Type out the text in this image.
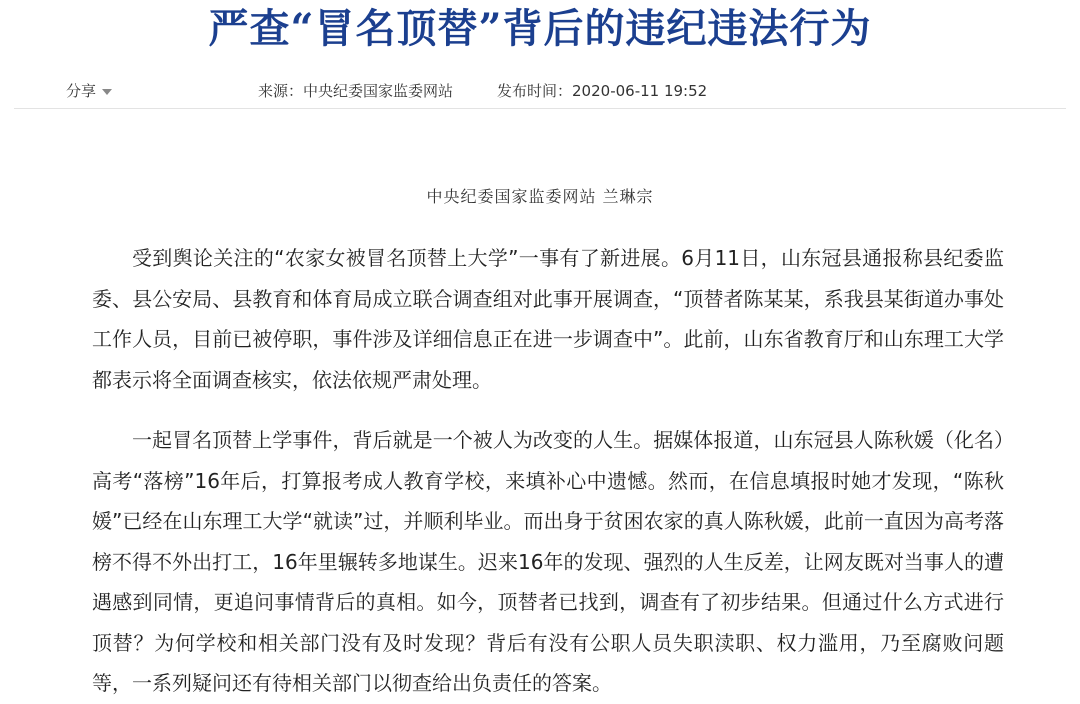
严查“冒名顶替”背后的违纪违法行为
分享	来源：中央纪委国家监委网站	发布时间：2020-06-11 19:52
中央纪委国家监委网站 兰琳宗

受到舆论关注的“农家女被冒名顶替上大学”一事有了新进展。6月11日，山东冠县通报称县纪委监委、县公安局、县教育和体育局成立联合调查组对此事开展调查，“顶替者陈某某，系我县某街道办事处工作人员，目前已被停职，事件涉及详细信息正在进一步调查中”。此前，山东省教育厅和山东理工大学都表示将全面调查核实，依法依规严肃处理。

一起冒名顶替上学事件，背后就是一个被人为改变的人生。据媒体报道，山东冠县人陈秋媛（化名）高考“落榜”16年后，打算报考成人教育学校，来填补心中遗憾。然而，在信息填报时她才发现，“陈秋媛”已经在山东理工大学“就读”过，并顺利毕业。而出身于贫困农家的真人陈秋媛，此前一直因为高考落榜不得不外出打工，16年里辗转多地谋生。迟来16年的发现、强烈的人生反差，让网友既对当事人的遭遇感到同情，更追问事情背后的真相。如今，顶替者已找到，调查有了初步结果。但通过什么方式进行顶替？为何学校和相关部门没有及时发现？背后有没有公职人员失职渎职、权力滥用，乃至腐败问题等，一系列疑问还有待相关部门以彻查给出负责任的答案。
